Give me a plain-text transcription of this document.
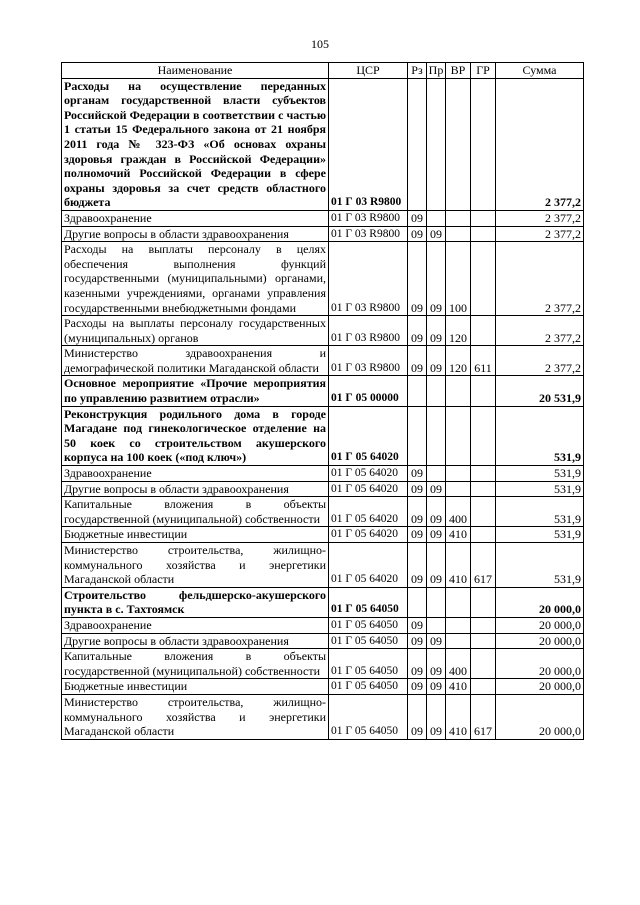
105
Наименование	ЦСР	Рз	Пр	ВР	ГР	Сумма
Расходы на осуществление переданных органам государственной власти субъектов Российской Федерации в соответствии с частью 1 статьи 15 Федерального закона от 21 ноября 2011 года № 323-ФЗ «Об основах охраны здоровья граждан в Российской Федерации» полномочий Российской Федерации в сфере охраны здоровья за счет средств областного бюджета	01 Г 03 R9800					2 377,2
Здравоохранение	01 Г 03 R9800	09				2 377,2
Другие вопросы в области здравоохранения	01 Г 03 R9800	09	09			2 377,2
Расходы на выплаты персоналу в целях обеспечения выполнения функций государственными (муниципальными) органами, казенными учреждениями, органами управления государственными внебюджетными фондами	01 Г 03 R9800	09	09	100		2 377,2
Расходы на выплаты персоналу государственных (муниципальных) органов	01 Г 03 R9800	09	09	120		2 377,2
Министерство здравоохранения и демографической политики Магаданской области	01 Г 03 R9800	09	09	120	611	2 377,2
Основное мероприятие «Прочие мероприятия по управлению развитием отрасли»	01 Г 05 00000					20 531,9
Реконструкция родильного дома в городе Магадане под гинекологическое отделение на 50 коек со строительством акушерского корпуса на 100 коек («под ключ»)	01 Г 05 64020					531,9
Здравоохранение	01 Г 05 64020	09				531,9
Другие вопросы в области здравоохранения	01 Г 05 64020	09	09			531,9
Капитальные вложения в объекты государственной (муниципальной) собственности	01 Г 05 64020	09	09	400		531,9
Бюджетные инвестиции	01 Г 05 64020	09	09	410		531,9
Министерство строительства, жилищно-коммунального хозяйства и энергетики Магаданской области	01 Г 05 64020	09	09	410	617	531,9
Строительство фельдшерско-акушерского пункта в с. Тахтоямск	01 Г 05 64050					20 000,0
Здравоохранение	01 Г 05 64050	09				20 000,0
Другие вопросы в области здравоохранения	01 Г 05 64050	09	09			20 000,0
Капитальные вложения в объекты государственной (муниципальной) собственности	01 Г 05 64050	09	09	400		20 000,0
Бюджетные инвестиции	01 Г 05 64050	09	09	410		20 000,0
Министерство строительства, жилищно-коммунального хозяйства и энергетики Магаданской области	01 Г 05 64050	09	09	410	617	20 000,0
